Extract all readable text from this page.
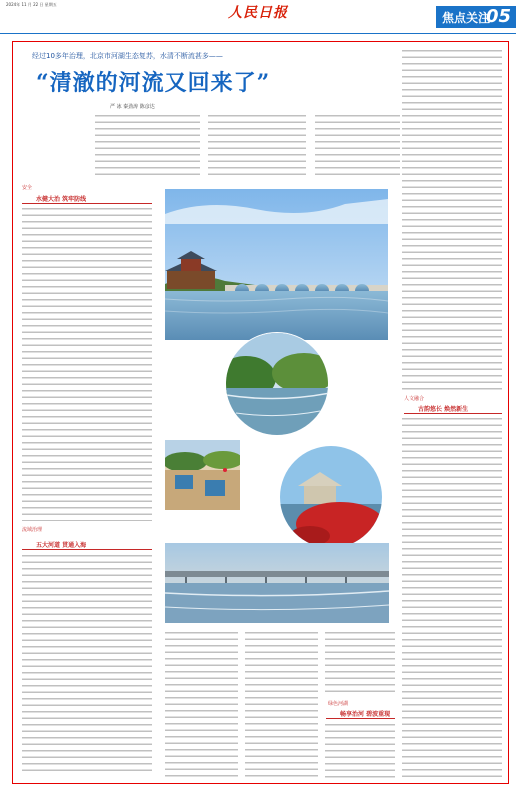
2024年 11 月 22 日 星期五
人民日报	焦点关注
05
经过10多年治理，北京市河湖生态复苏，水清不断流甚多——
“清澈的河流又回来了”
严 冰 秦劲涛 陈彦达
安全
水健大治 筑牢防线
流域治理
五大河道 贯通入海
人文融合
古韵悠长 焕然新生
绿色河湖
畅享治河 碧波重现
